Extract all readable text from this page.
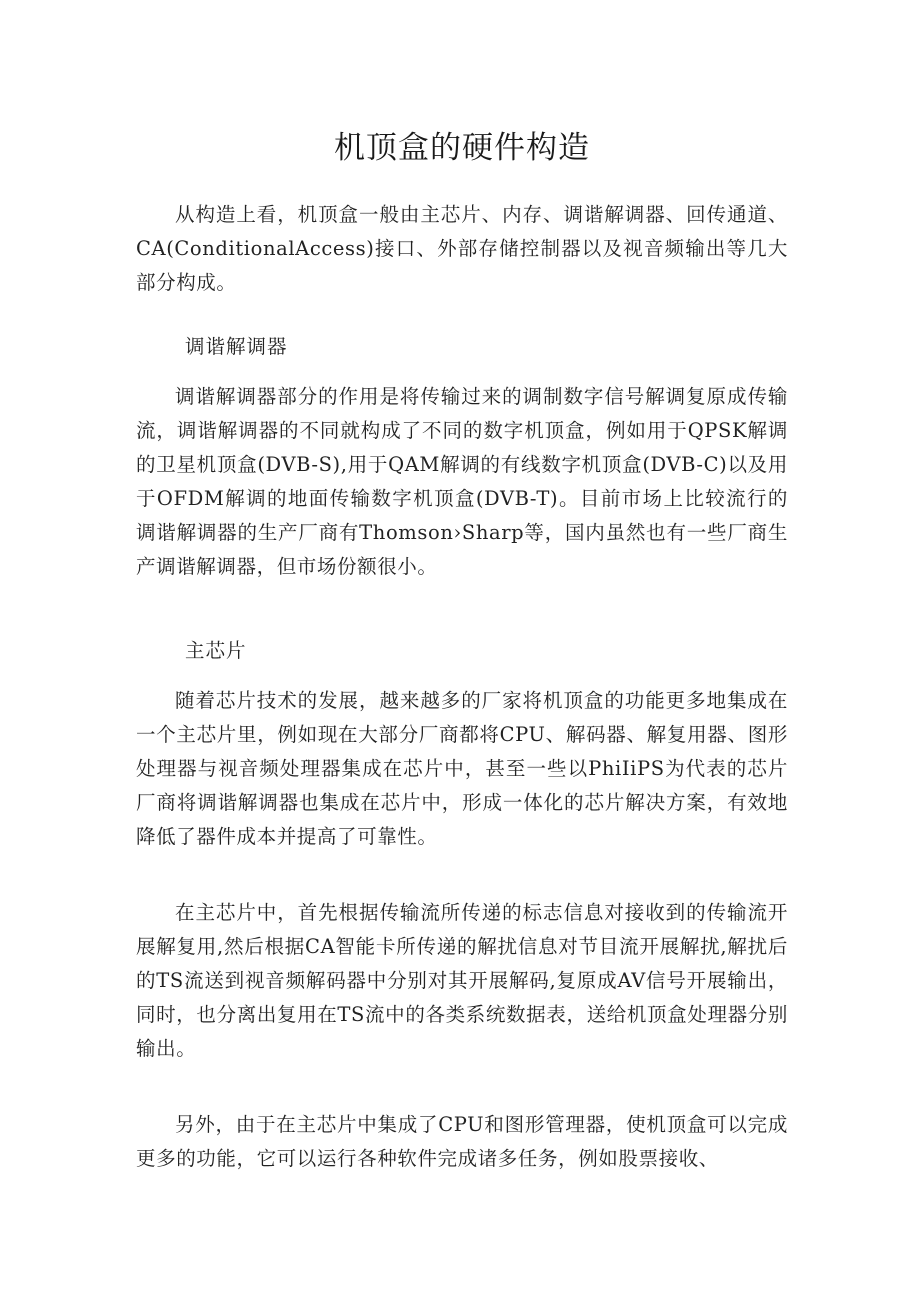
机顶盒的硬件构造

从构造上看，机顶盒一般由主芯片、内存、调谐解调器、回传通道、CA(ConditionalAccess)接口、外部存储控制器以及视音频输出等几大部分构成。

调谐解调器

调谐解调器部分的作用是将传输过来的调制数字信号解调复原成传输流，调谐解调器的不同就构成了不同的数字机顶盒，例如用于QPSK解调的卫星机顶盒(DVB-S),用于QAM解调的有线数字机顶盒(DVB-C)以及用于OFDM解调的地面传输数字机顶盒(DVB-T)。目前市场上比较流行的调谐解调器的生产厂商有Thomson›Sharp等，国内虽然也有一些厂商生产调谐解调器，但市场份额很小。

主芯片

随着芯片技术的发展，越来越多的厂家将机顶盒的功能更多地集成在一个主芯片里，例如现在大部分厂商都将CPU、解码器、解复用器、图形处理器与视音频处理器集成在芯片中，甚至一些以PhiIiPS为代表的芯片厂商将调谐解调器也集成在芯片中，形成一体化的芯片解决方案，有效地降低了器件成本并提高了可靠性。

在主芯片中，首先根据传输流所传递的标志信息对接收到的传输流开展解复用,然后根据CA智能卡所传递的解扰信息对节目流开展解扰,解扰后的TS流送到视音频解码器中分别对其开展解码,复原成AV信号开展输出，同时，也分离出复用在TS流中的各类系统数据表，送给机顶盒处理器分别输出。

另外，由于在主芯片中集成了CPU和图形管理器，使机顶盒可以完成更多的功能，它可以运行各种软件完成诸多任务，例如股票接收、
